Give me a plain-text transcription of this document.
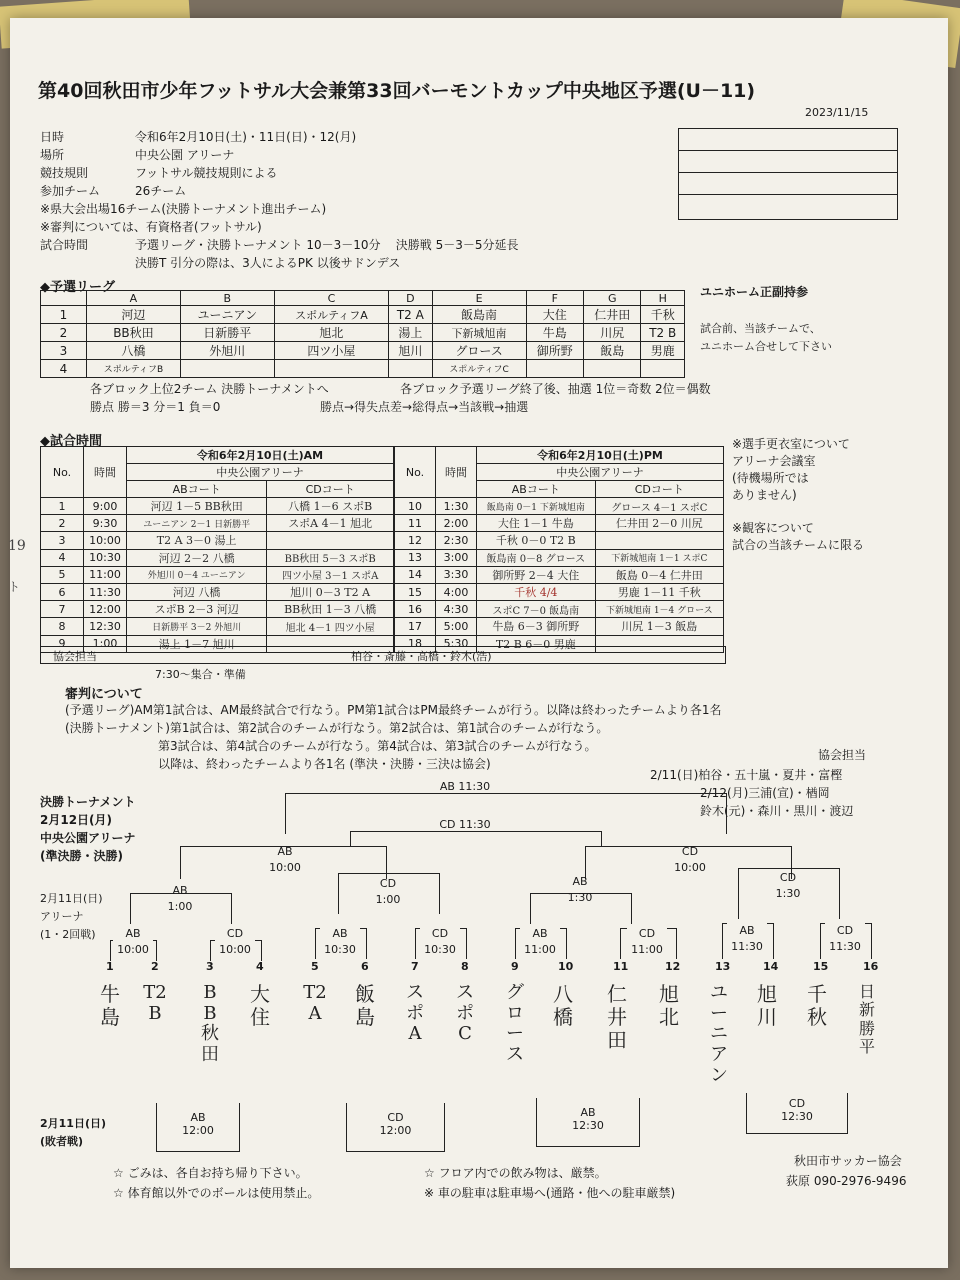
第40回秋田市少年フットサル大会兼第33回バーモントカップ中央地区予選(U－11)
2023/11/15
日時	令和6年2月10日(土)・11日(日)・12(月)
場所	中央公園 アリーナ
競技規則	フットサル競技規則による
参加チーム	26チーム
※県大会出場16チーム(決勝トーナメント進出チーム)
※審判については、有資格者(フットサル)
試合時間	予選リーグ・決勝トーナメント 10－3－10分 決勝戦 5－3－5分延長
決勝T 引分の際は、3人によるPK 以後サドンデス
◆予選リーグ
	A	B	C	D	E	F	G	H
1	河辺	ユーニアン	スポルティフA	T2 A	飯島南	大住	仁井田	千秋
2	BB秋田	日新勝平	旭北	湯上	下新城旭南	牛島	川尻	T2 B
3	八橋	外旭川	四ツ小屋	旭川	グロース	御所野	飯島	男鹿
4	スポルティフB				スポルティフC			
ユニホーム正副持参
試合前、当該チームで、
ユニホーム合せして下さい
各ブロック上位2チーム 決勝トーナメントへ	各ブロック予選リーグ終了後、抽選 1位＝奇数 2位＝偶数
勝点 勝＝3 分＝1 負＝0	勝点→得失点差→総得点→当該戦→抽選
◆試合時間
No.	時間	令和6年2月10日(土)AM	
		中央公園アリーナ	
		ABコート	CDコート
1	9:00	河辺 1－5 BB秋田	八橋 1－6 スポB
2	9:30	ユーニアン 2－1 日新勝平	スポA 4－1 旭北
3	10:00	T2 A 3－0 湯上	
4	10:30	河辺 2－2 八橋	BB秋田 5－3 スポB
5	11:00	外旭川 0－4 ユーニアン	四ツ小屋 3－1 スポA
6	11:30	河辺 八橋	旭川 0－3 T2 A
7	12:00	スポB 2－3 河辺	BB秋田 1－3 八橋
8	12:30	日新勝平 3－2 外旭川	旭北 4－1 四ツ小屋
9	1:00	湯上 1－7 旭川	
No.	時間	令和6年2月10日(土)PM	
		中央公園アリーナ	
		ABコート	CDコート
10	1:30	飯島南 0－1 下新城旭南	グロース 4－1 スポC
11	2:00	大住 1－1 牛島	仁井田 2－0 川尻
12	2:30	千秋 0－0 T2 B	
13	3:00	飯島南 0－8 グロース	下新城旭南 1－1 スポC
14	3:30	御所野 2－4 大住	飯島 0－4 仁井田
15	4:00	千秋 4/4	男鹿 1－11 千秋
16	4:30	スポC 7－0 飯島南	下新城旭南 1－4 グロース
17	5:00	牛島 6－3 御所野	川尻 1－3 飯島
18	5:30	T2 B 6－0 男鹿	
協会担当	柏谷・斎藤・高橋・鈴木(浩)
7:30～集合・準備
※選手更衣室について
アリーナ会議室
(待機場所では
ありません)
※観客について
試合の当該チームに限る
19
ト
審判について
(予選リーグ)AM第1試合は、AM最終試合で行なう。PM第1試合はPM最終チームが行う。以降は終わったチームより各1名
(決勝トーナメント)第1試合は、第2試合のチームが行なう。第2試合は、第1試合のチームが行なう。
第3試合は、第4試合のチームが行なう。第4試合は、第3試合のチームが行なう。
以降は、終わったチームより各1名 (準決・決勝・三決は協会)
協会担当
2/11(日)柏谷・五十嵐・夏井・富樫
2/12(月)三浦(宣)・楢岡
鈴木(元)・森川・黒川・渡辺
決勝トーナメント
2月12日(月)
中央公園アリーナ
(準決勝・決勝)
2月11日(日)
アリーナ
(1・2回戦)
AB 11:30
CD 11:30
AB
10:00
CD
10:00
AB
1:00
CD
1:00
AB
1:30
CD
1:30
AB
10:00
CD
10:00
AB
10:30
CD
10:30
AB
11:00
CD
11:00
AB
11:30
CD
11:30
1	2	3	4	5	6	7	8	9	10	11	12	13	14	15	16
牛島
T2B
BB秋田
大住
T2A
飯島
スポA
スポC
グロース
八橋
仁井田
旭北
ユーニアン
旭川
千秋
日新勝平
2月11日(日)
(敗者戦)
AB
12:00
CD
12:00
AB
12:30
CD
12:30
☆ ごみは、各自お持ち帰り下さい。	☆ フロア内での飲み物は、厳禁。
☆ 体育館以外でのボールは使用禁止。	※ 車の駐車は駐車場へ(通路・他への駐車厳禁)
秋田市サッカー協会
荻原 090-2976-9496
